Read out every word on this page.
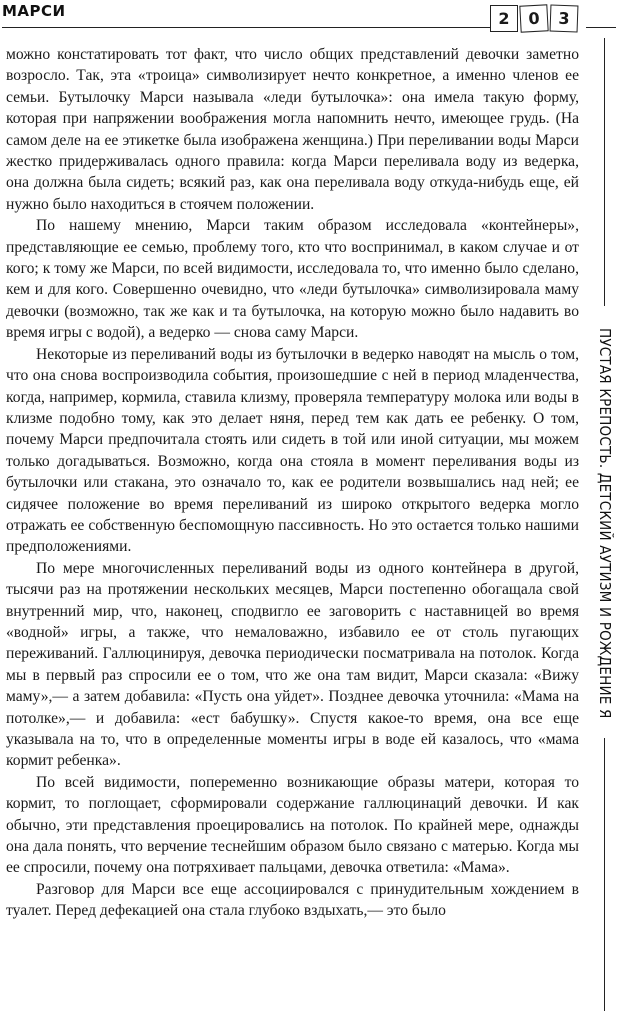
МАРСИ	2	0	3

можно констатировать тот факт, что число общих представлений девочки заметно возросло. Так, эта «троица» символизирует нечто конкретное, а именно членов ее семьи. Бутылочку Марси называла «леди бутылочка»: она имела такую форму, которая при напряжении воображения могла напомнить нечто, имеющее грудь. (На самом деле на ее этикетке была изображена женщина.) При переливании воды Марси жестко придерживалась одного правила: когда Марси переливала воду из ведерка, она должна была сидеть; всякий раз, как она переливала воду откуда-нибудь еще, ей нужно было находиться в стоячем положении.

По нашему мнению, Марси таким образом исследовала «контейнеры», представляющие ее семью, проблему того, кто что воспринимал, в каком случае и от кого; к тому же Марси, по всей видимости, исследовала то, что именно было сделано, кем и для кого. Совершенно очевидно, что «леди бутылочка» символизировала маму девочки (возможно, так же как и та бутылочка, на которую можно было надавить во время игры с водой), а ведерко — снова саму Марси.

Некоторые из переливаний воды из бутылочки в ведерко наводят на мысль о том, что она снова воспроизводила события, произошедшие с ней в период младенчества, когда, например, кормила, ставила клизму, проверяла температуру молока или воды в клизме подобно тому, как это делает няня, перед тем как дать ее ребенку. О том, почему Марси предпочитала стоять или сидеть в той или иной ситуации, мы можем только догадываться. Возможно, когда она стояла в момент переливания воды из бутылочки или стакана, это означало то, как ее родители возвышались над ней; ее сидячее положение во время переливаний из широко открытого ведерка могло отражать ее собственную беспомощную пассивность. Но это остается только нашими предположениями.

По мере многочисленных переливаний воды из одного контейнера в другой, тысячи раз на протяжении нескольких месяцев, Марси постепенно обогащала свой внутренний мир, что, наконец, сподвигло ее заговорить с наставницей во время «водной» игры, а также, что немаловажно, избавило ее от столь пугающих переживаний. Галлюцинируя, девочка периодически посматривала на потолок. Когда мы в первый раз спросили ее о том, что же она там видит, Марси сказала: «Вижу маму»,— а затем добавила: «Пусть она уйдет». Позднее девочка уточнила: «Мама на потолке»,— и добавила: «ест бабушку». Спустя какое-то время, она все еще указывала на то, что в определенные моменты игры в воде ей казалось, что «мама кормит ребенка».

По всей видимости, попеременно возникающие образы матери, которая то кормит, то поглощает, сформировали содержание галлюцинаций девочки. И как обычно, эти представления проецировались на потолок. По крайней мере, однажды она дала понять, что верчение теснейшим образом было связано с матерью. Когда мы ее спросили, почему она потряхивает пальцами, девочка ответила: «Мама».

Разговор для Марси все еще ассоциировался с принудительным хождением в туалет. Перед дефекацией она стала глубоко вздыхать,— это было

ПУСТАЯ КРЕПОСТЬ. ДЕТСКИЙ АУТИЗМ И РОЖДЕНИЕ Я
